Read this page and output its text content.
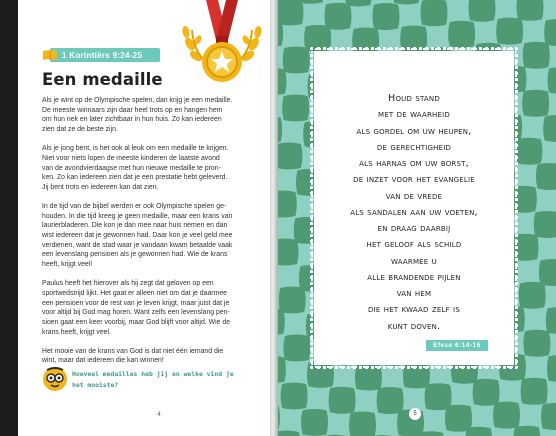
1 Korintiërs 9:24-25
Een medaille

Als je wint op de Olympische spelen, dan krijg je een medaille.
De meeste winnaars zijn daar heel trots op en hangen hem
om hun nek en later zichtbaar in hun huis. Zo kan iedereen
zien dat ze de beste zijn.

Als je jong bent, is het ook al leuk om een medaille te krijgen.
Niet voor niets lopen de meeste kinderen de laatste avond
van de avondvierdaagse met hun nieuwe medaille te pron-
ken. Zo kan iedereen zien dat je een prestatie hebt geleverd.
Jij bent trots en iedereen kan dat zien.

In de tijd van de bijbel werden er ook Olympische spelen ge-
houden. In die tijd kreeg je geen medaille, maar een krans van
laurierbladeren. Die kon je dan mee naar huis nemen en dan
wist iedereen dat je gewonnen had. Daar kon je veel geld mee
verdienen, want de stad waar je vandaan kwam betaalde vaak
een levenslang pensioen als je gewonnen had. Wie de krans
heeft, krijgt veel!

Paulus heeft het hierover als hij zegt dat geloven op een
sportwedstrijd lijkt. Het gaat er alleen niet om dat je daarmee
een pensioen voor de rest van je leven krijgt, maar juist dat je
voor altijd bij God mag horen. Want zelfs een levenslang pen-
sioen gaat een keer voorbij, maar God blijft voor altijd. Wie de
krans heeft, krijgt veel.

Het mooie van de krans van God is dat niet één iemand die
wint, maar dat iedereen die kan winnen!

Hoeveel medailles heb jij en welke vind je
het mooiste?
4
Houd stand
met de waarheid
als gordel om uw heupen,
de gerechtigheid
als harnas om uw borst,
de inzet voor het evangelie
van de vrede
als sandalen aan uw voeten,
en draag daarbij
het geloof als schild
waarmee u
alle brandende pijlen
van hem
die het kwaad zelf is
kunt doven.
Efeze 6:14-16
5
